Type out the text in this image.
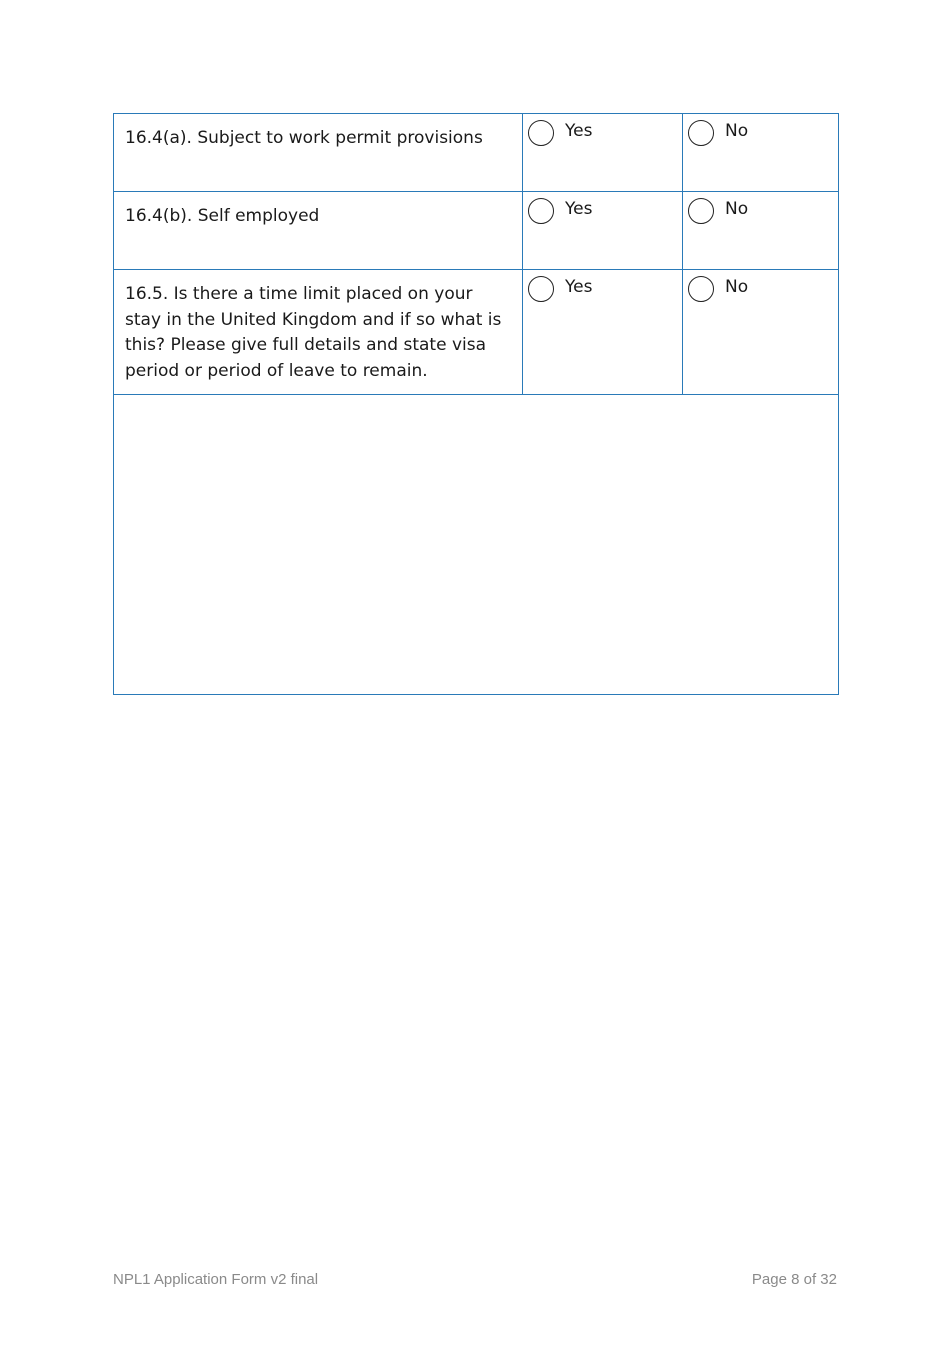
16.4(a). Subject to work permit provisions	Yes	No

16.4(b). Self employed	Yes	No

16.5. Is there a time limit placed on your stay in the United Kingdom and if so what is this? Please give full details and state visa period or period of leave to remain.	Yes	No

NPL1 Application Form v2 final	Page 8 of 32
